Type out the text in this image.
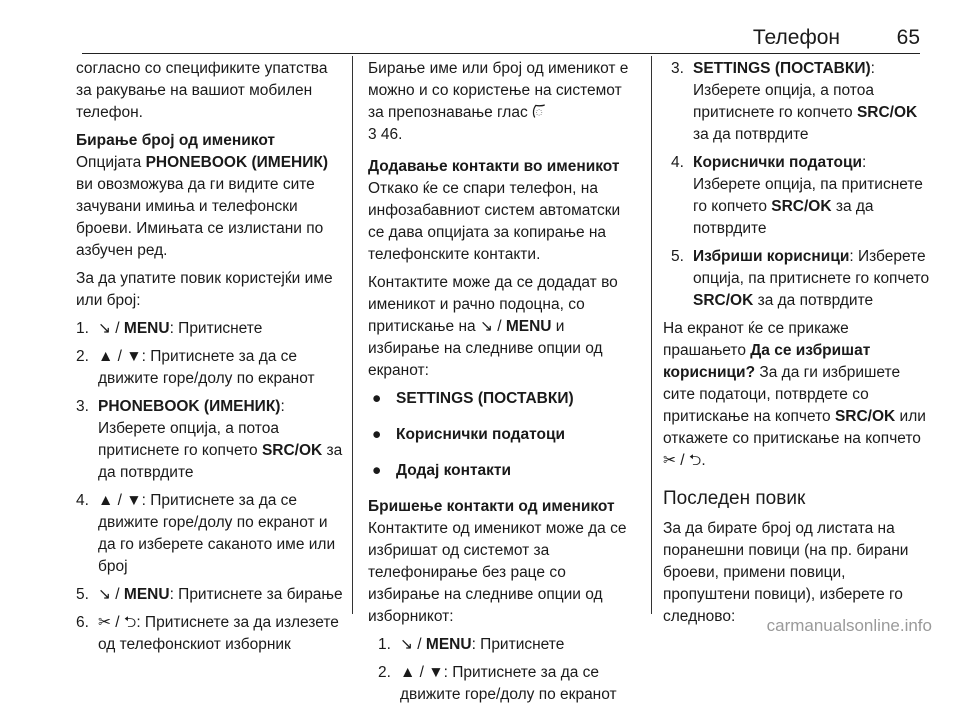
Телефон	65

согласно со спецификите упатства за ракување на вашиот мобилен телефон.

Бирање број од именикот

Опцијата PHONEBOOK (ИМЕНИК) ви овозможува да ги видите сите зачувани имиња и телефонски броеви. Имињата се излистани по азбучен ред.

За да упатите повик користејќи име или број:

1. ↘ / MENU: Притиснете
2. ▲ / ▼: Притиснете за да се движите горе/долу по екранот
3. PHONEBOOK (ИМЕНИК): Изберете опција, а потоа притиснете го копчето SRC/OK за да потврдите
4. ▲ / ▼: Притиснете за да се движите горе/долу по екранот и да го изберете саканото име или број
5. ↘ / MENU: Притиснете за бирање
6. ✂ / ⮌: Притиснете за да излезете од телефонскиот изборник

Бирање име или број од именикот е можно и со користење на системот за препознавање глас ᰩ
3 46.

Додавање контакти во именикот

Откако ќе се спари телефон, на инфозабавниот систем автоматски се дава опцијата за копирање на телефонските контакти.

Контактите може да се додадат во именикот и рачно подоцна, со притискање на ↘ / MENU и избирање на следниве опции од екранот:

● SETTINGS (ПОСТАВКИ)
● Кориснички податоци
● Додај контакти

Бришење контакти од именикот

Контактите од именикот може да се избришат од системот за телефонирање без раце со избирање на следниве опции од изборникот:

1. ↘ / MENU: Притиснете
2. ▲ / ▼: Притиснете за да се движите горе/долу по екранот
3. SETTINGS (ПОСТАВКИ): Изберете опција, а потоа притиснете го копчето SRC/OK за да потврдите
4. Кориснички податоци: Изберете опција, па притиснете го копчето SRC/OK за да потврдите
5. Избриши корисници: Изберете опција, па притиснете го копчето SRC/OK за да потврдите

На екранот ќе се прикаже прашањето Да се избришат корисници? За да ги избришете сите податоци, потврдете со притискање на копчето SRC/OK или откажете со притискање на копчето ✂ / ⮌.

Последен повик

За да бирате број од листата на поранешни повици (на пр. бирани броеви, примени повици, пропуштени повици), изберете го следново:	carmanualsonline.info
